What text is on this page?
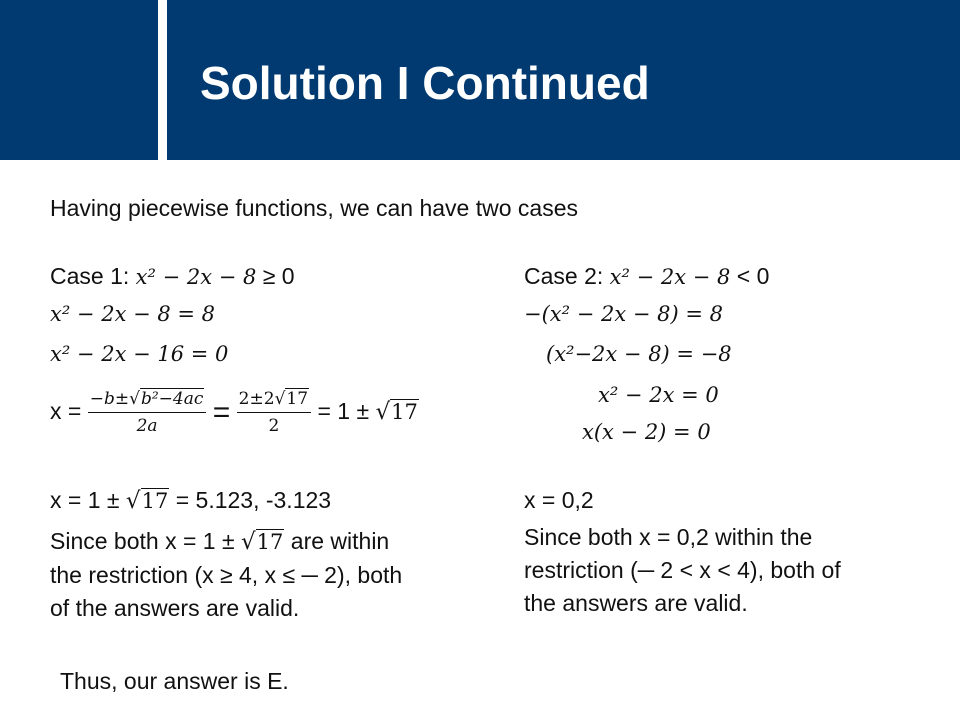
Solution I Continued
Having piecewise functions, we can have two cases
Case 1: x² − 2x − 8 ≥ 0
x² − 2x − 8 = 8
x² − 2x − 16 = 0
$x = \frac{\text{−b±√b²−4ac}}{2a} = \frac{2\pm 2√17}{2} = 1 \pm √17$
x = 1 ± √17 = 5.123, -3.123
Since both x = 1 ± √17 are within
the restriction (x ≥ 4, x ≤ ─ 2), both
of the answers are valid.
Case 2: x² − 2x − 8 < 0
−(x² − 2x − 8) = 8
(x²−2x − 8) = −8
x² − 2x = 0
x(x − 2) = 0
x = 0,2
Since both x = 0,2 within the
restriction (─ 2 < x < 4), both of
the answers are valid.
Thus, our answer is E.
